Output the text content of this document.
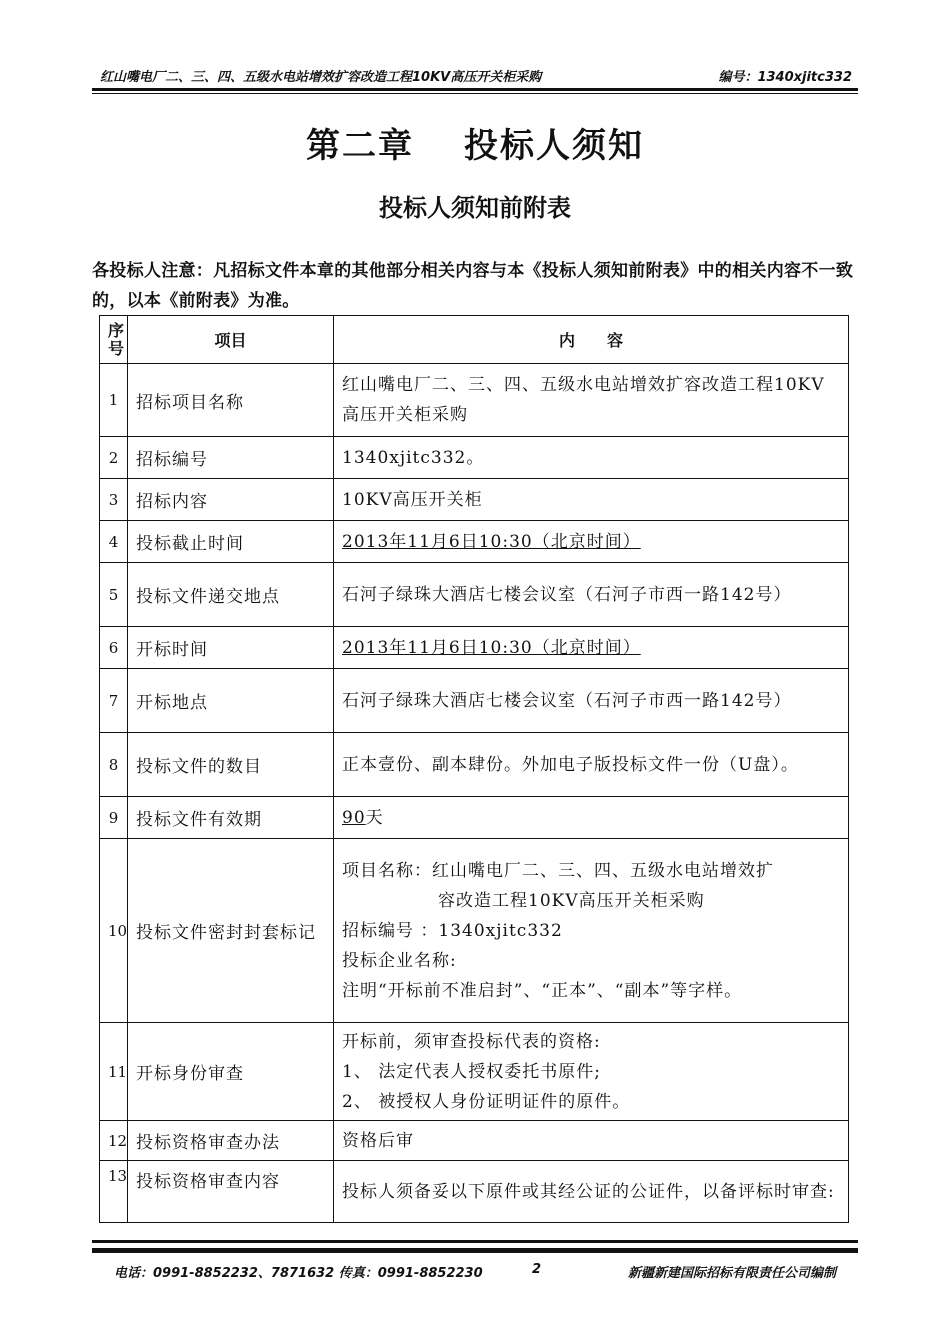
红山嘴电厂二、三、四、五级水电站增效扩容改造工程10KV高压开关柜采购	编号：1340xjitc332
第二章 投标人须知
投标人须知前附表
各投标人注意：凡招标文件本章的其他部分相关内容与本《投标人须知前附表》中的相关内容不一致的，以本《前附表》为准。
序号	项目	内　　容
1	招标项目名称	红山嘴电厂二、三、四、五级水电站增效扩容改造工程10KV高压开关柜采购
2	招标编号	1340xjitc332。
3	招标内容	10KV高压开关柜
4	投标截止时间	2013年11月6日10:30（北京时间）
5	投标文件递交地点	石河子绿珠大酒店七楼会议室（石河子市西一路142号）
6	开标时间	2013年11月6日10:30（北京时间）
7	开标地点	石河子绿珠大酒店七楼会议室（石河子市西一路142号）
8	投标文件的数目	正本壹份、副本肆份。外加电子版投标文件一份（U盘）。
9	投标文件有效期	90天
10	投标文件密封封套标记	项目名称：红山嘴电厂二、三、四、五级水电站增效扩
容改造工程10KV高压开关柜采购
招标编号 ：1340xjitc332
投标企业名称:
注明“开标前不准启封”、“正本”、“副本”等字样。

11	开标身份审查	开标前，须审查投标代表的资格:
1、 法定代表人授权委托书原件;
2、 被授权人身份证明证件的原件。

12	投标资格审查办法	资格后审
13	投标资格审查内容	投标人须备妥以下原件或其经公证的公证件，以备评标时审查:
电话：0991-8852232、7871632 传真：0991-8852230	2	新疆新建国际招标有限责任公司编制
